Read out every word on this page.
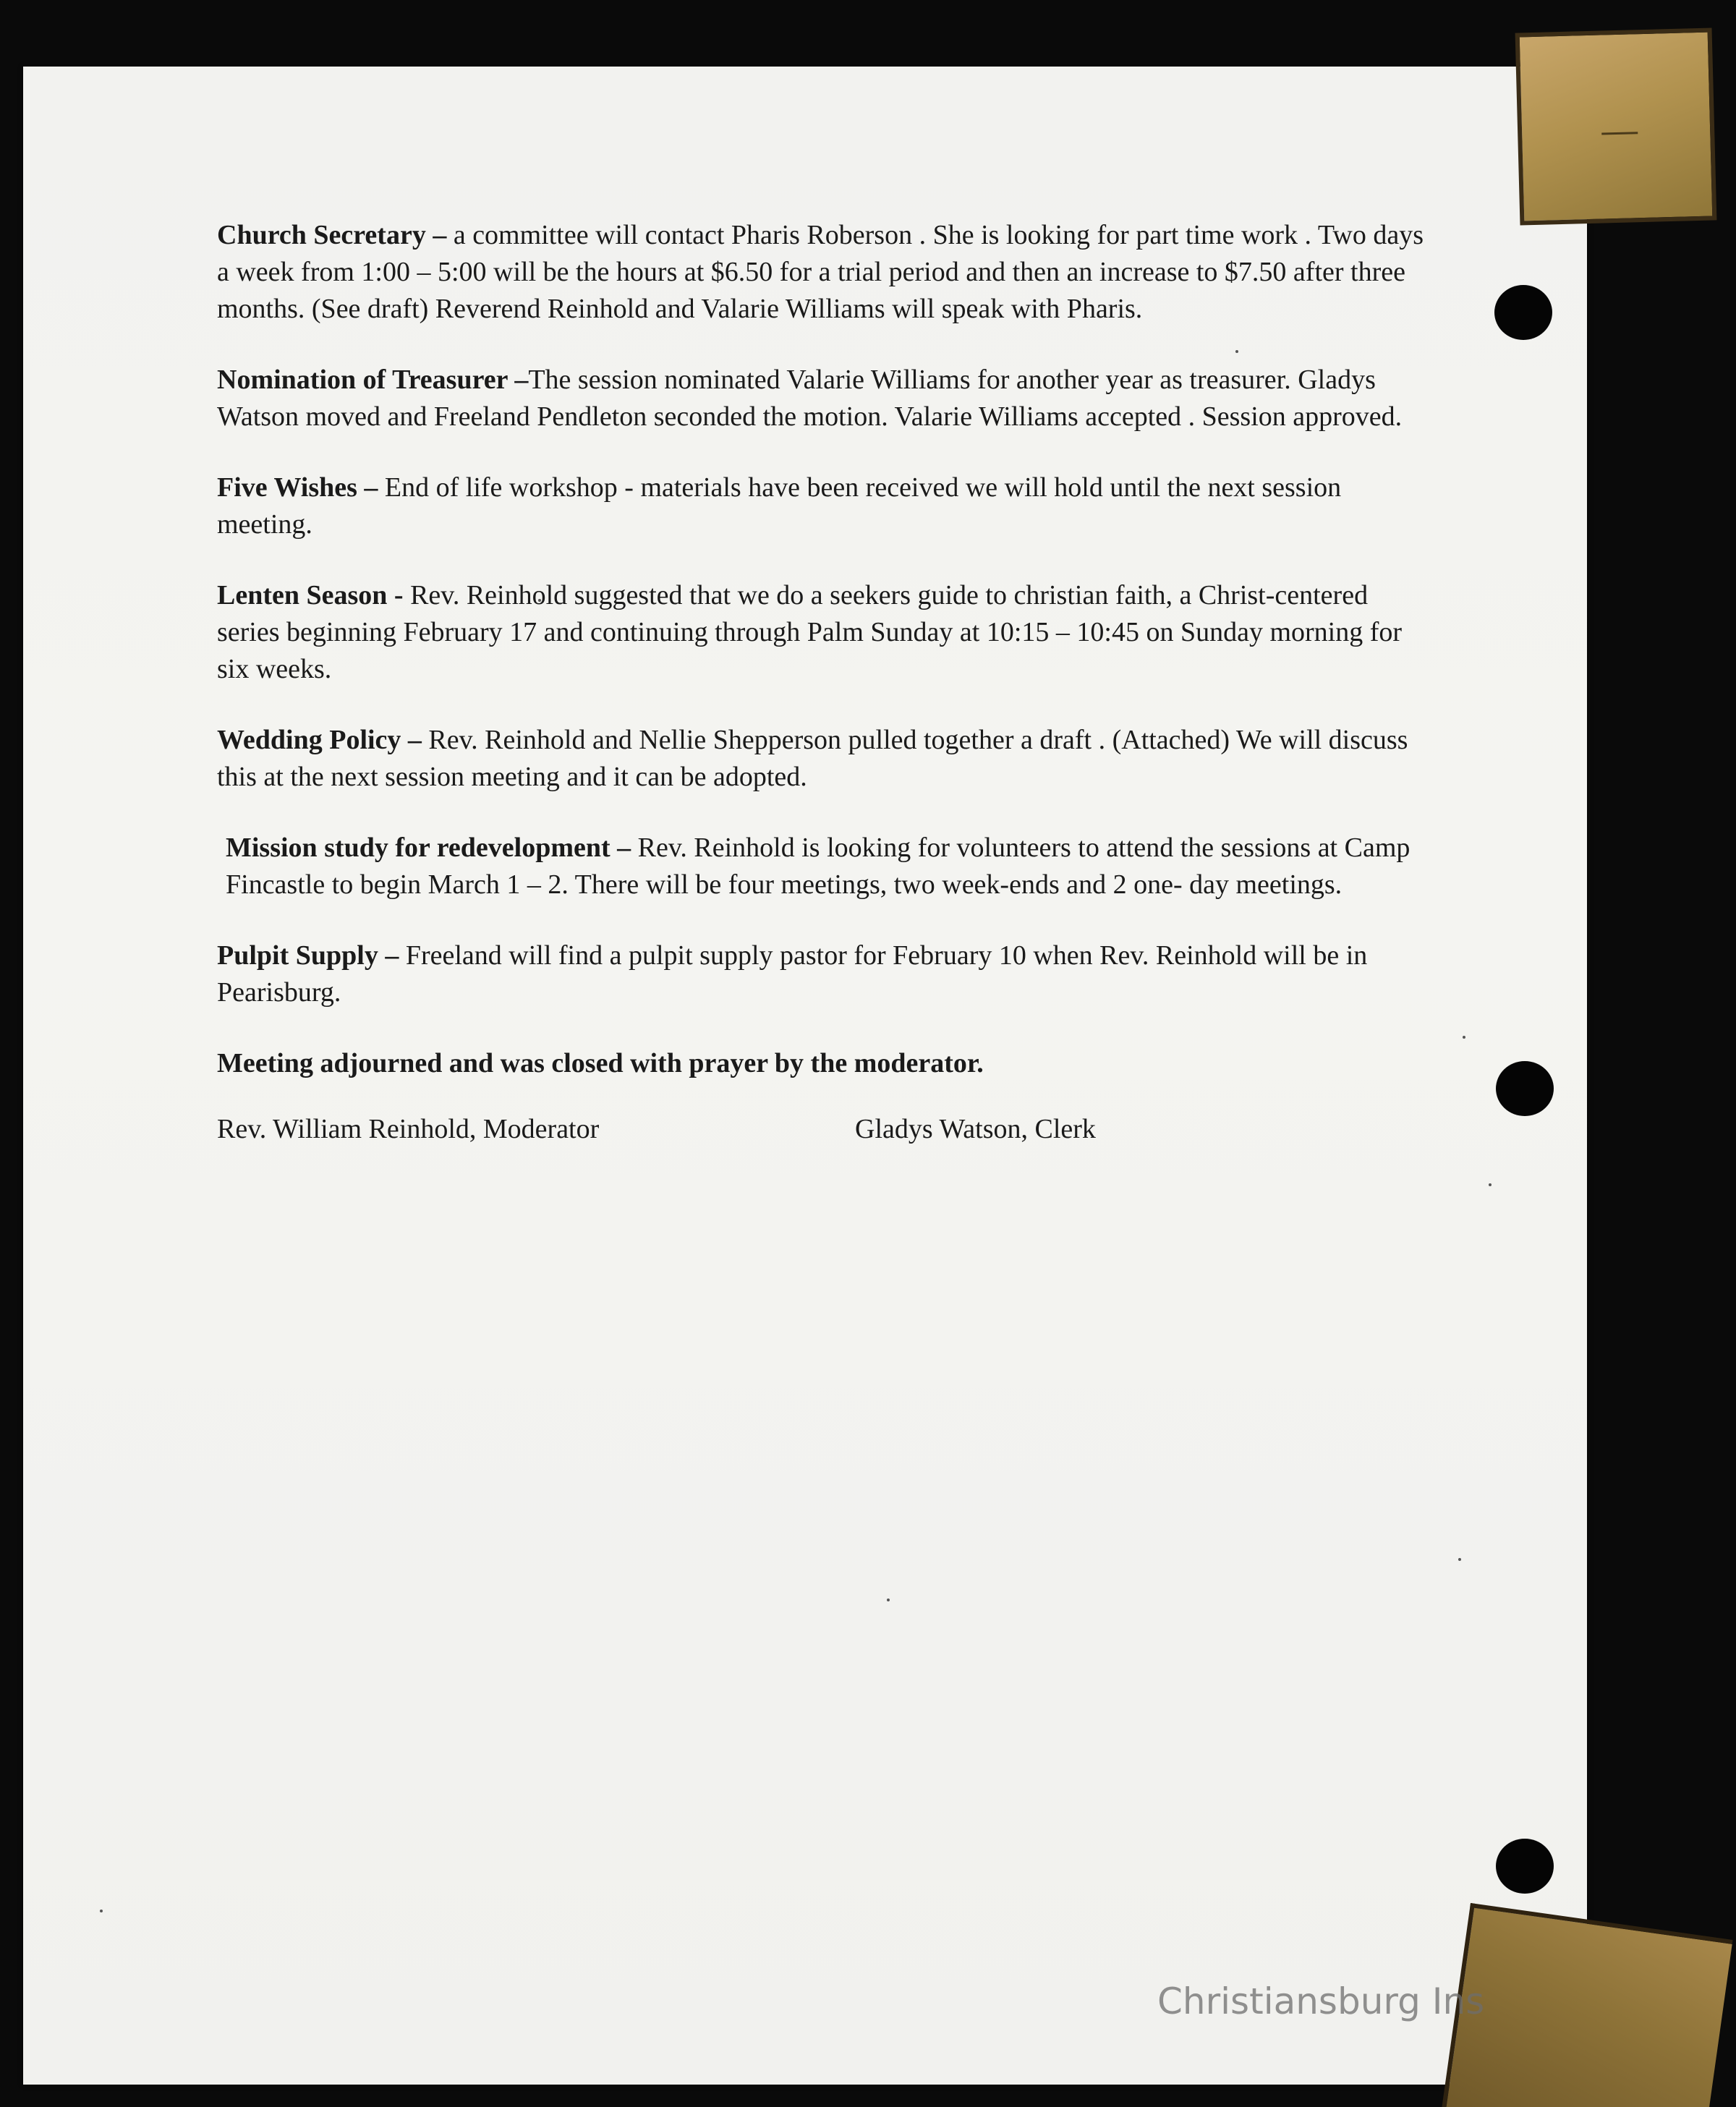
Church Secretary – a committee will contact Pharis Roberson . She is looking for part time work . Two days a week from 1:00 – 5:00 will be the hours at $6.50 for a trial period and then an increase to $7.50 after three months. (See draft) Reverend Reinhold and Valarie Williams will speak with Pharis.

Nomination of Treasurer –The session nominated Valarie Williams for another year as treasurer. Gladys Watson moved and Freeland Pendleton seconded the motion. Valarie Williams accepted . Session approved.

Five Wishes – End of life workshop - materials have been received we will hold until the next session meeting.

Lenten Season - Rev. Reinhold suggested that we do a seekers guide to christian faith, a Christ-centered series beginning February 17 and continuing through Palm Sunday at 10:15 – 10:45 on Sunday morning for six weeks.

Wedding Policy – Rev. Reinhold and Nellie Shepperson pulled together a draft . (Attached) We will discuss this at the next session meeting and it can be adopted.

Mission study for redevelopment – Rev. Reinhold is looking for volunteers to attend the sessions at Camp Fincastle to begin March 1 – 2. There will be four meetings, two week-ends and 2 one- day meetings.

Pulpit Supply – Freeland will find a pulpit supply pastor for February 10 when Rev. Reinhold will be in Pearisburg.

Meeting adjourned and was closed with prayer by the moderator.

Rev. William Reinhold, Moderator	Gladys Watson, Clerk
Christiansburg Ins
